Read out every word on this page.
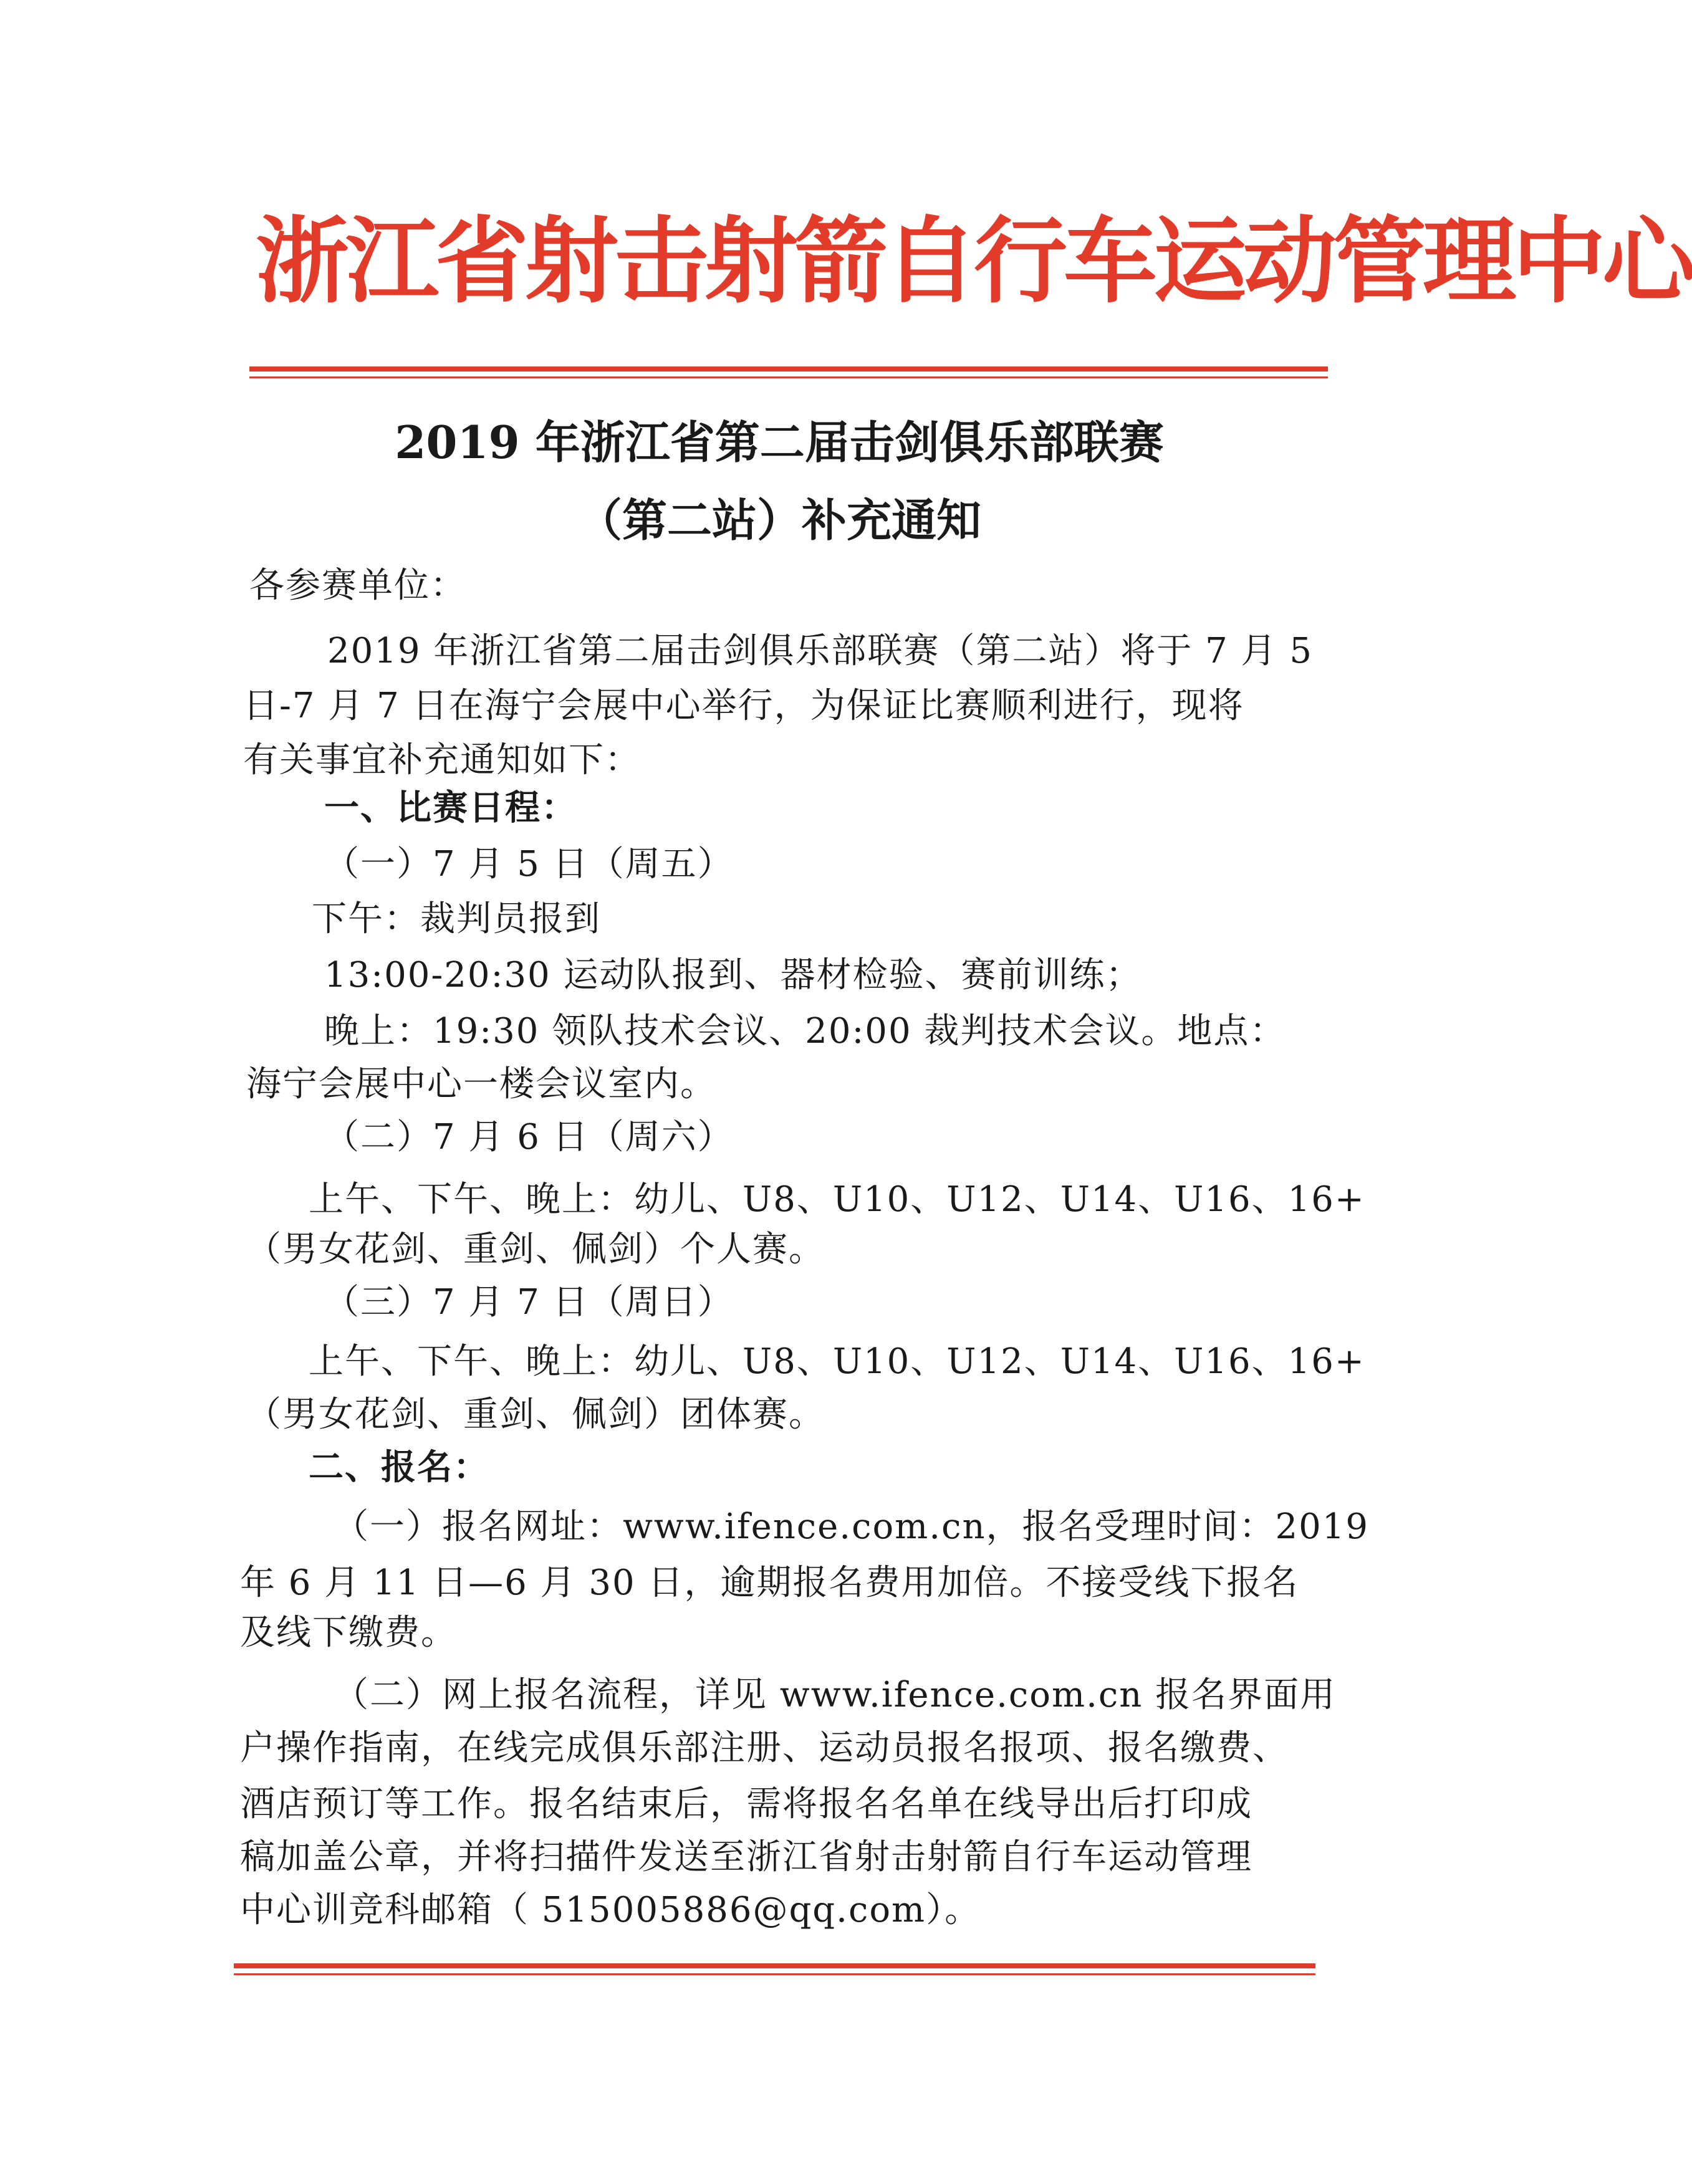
浙江省射击射箭自行车运动管理中心
2019 年浙江省第二届击剑俱乐部联赛
（第二站）补充通知
各参赛单位：
2019 年浙江省第二届击剑俱乐部联赛（第二站）将于 7 月 5
日-7 月 7 日在海宁会展中心举行，为保证比赛顺利进行，现将
有关事宜补充通知如下：
一、比赛日程：
（一）7 月 5 日（周五）
下午：裁判员报到
13:00-20:30 运动队报到、器材检验、赛前训练；
晚上：19:30 领队技术会议、20:00 裁判技术会议。地点：
海宁会展中心一楼会议室内。
（二）7 月 6 日（周六）
上午、下午、晚上：幼儿、U8、U10、U12、U14、U16、16+
（男女花剑、重剑、佩剑）个人赛。
（三）7 月 7 日（周日）
上午、下午、晚上：幼儿、U8、U10、U12、U14、U16、16+
（男女花剑、重剑、佩剑）团体赛。
二、报名：
（一）报名网址：www.ifence.com.cn，报名受理时间：2019
年 6 月 11 日—6 月 30 日，逾期报名费用加倍。不接受线下报名
及线下缴费。
（二）网上报名流程，详见 www.ifence.com.cn 报名界面用
户操作指南，在线完成俱乐部注册、运动员报名报项、报名缴费、
酒店预订等工作。报名结束后，需将报名名单在线导出后打印成
稿加盖公章，并将扫描件发送至浙江省射击射箭自行车运动管理
中心训竞科邮箱（ 515005886@qq.com）。
